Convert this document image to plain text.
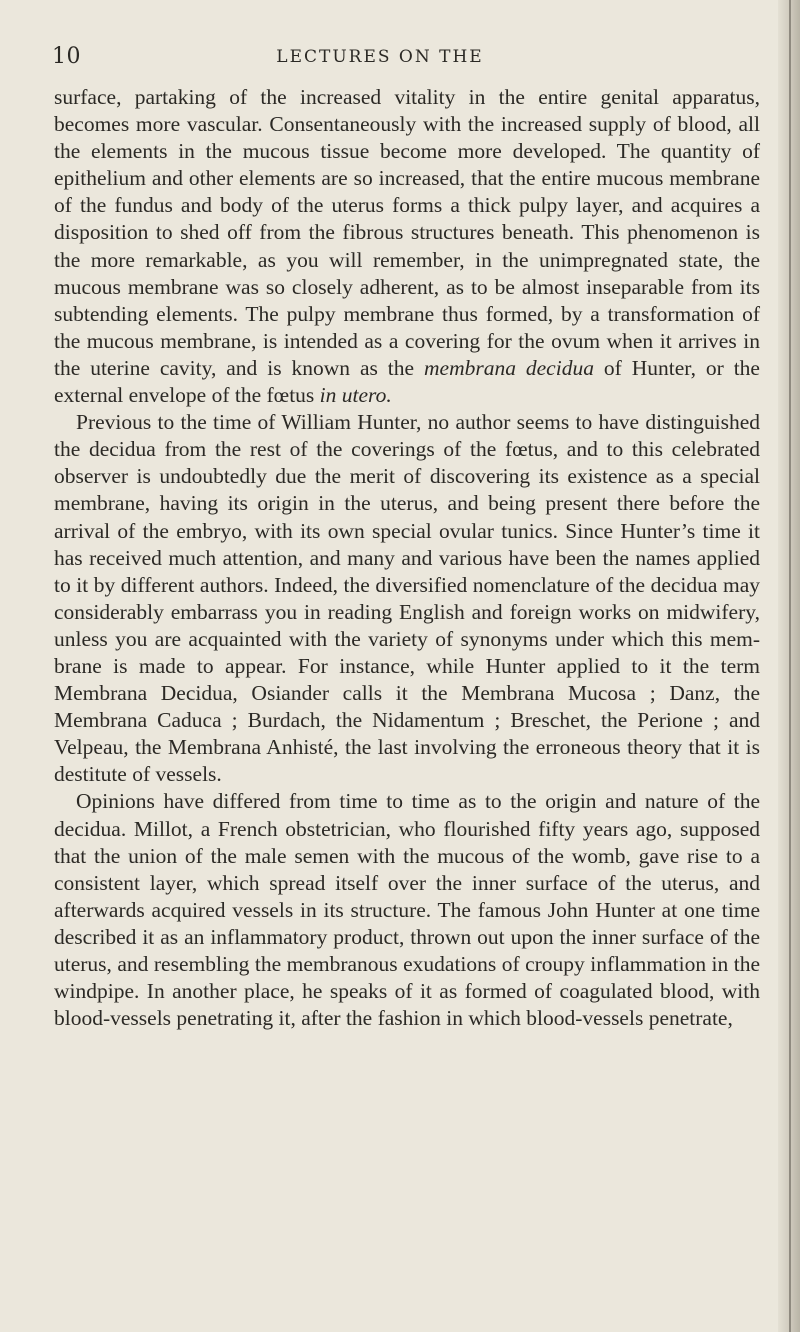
10	LECTURES ON THE

surface, partaking of the increased vitality in the entire genital apparatus, becomes more vascular. Consentaneously with the increased supply of blood, all the elements in the mucous tissue become more developed. The quantity of epithelium and other elements are so increased, that the entire mucous membrane of the fundus and body of the uterus forms a thick pulpy layer, and acquires a disposition to shed off from the fibrous structures beneath. This phenomenon is the more remarkable, as you will remember, in the unimpregnated state, the mucous membrane was so closely adherent, as to be almost inseparable from its subtending elements. The pulpy membrane thus formed, by a transformation of the mucous membrane, is intended as a covering for the ovum when it arrives in the uterine cavity, and is known as the membrana decidua of Hunter, or the external envelope of the fœtus in utero.

Previous to the time of William Hunter, no author seems to have distinguished the decidua from the rest of the coverings of the fœtus, and to this celebrated observer is undoubtedly due the merit of discovering its existence as a special membrane, having its origin in the uterus, and being present there before the arrival of the embryo, with its own special ovular tunics. Since Hunter’s time it has received much attention, and many and various have been the names applied to it by different authors. Indeed, the diversified nomenclature of the decidua may considerably embarrass you in reading English and foreign works on midwifery, unless you are acquainted with the variety of synonyms under which this mem- brane is made to appear. For instance, while Hunter applied to it the term Membrana Decidua, Osiander calls it the Membrana Mucosa ; Danz, the Membrana Caduca ; Burdach, the Nidamentum ; Breschet, the Perione ; and Velpeau, the Membrana Anhisté, the last involving the erroneous theory that it is destitute of vessels.

Opinions have differed from time to time as to the origin and nature of the decidua. Millot, a French obstetrician, who flourished fifty years ago, supposed that the union of the male semen with the mucous of the womb, gave rise to a consistent layer, which spread itself over the inner surface of the uterus, and afterwards acquired vessels in its structure. The famous John Hunter at one time described it as an inflammatory product, thrown out upon the inner surface of the uterus, and resembling the membranous exudations of croupy inflammation in the windpipe. In another place, he speaks of it as formed of coagulated blood, with blood-vessels penetrating it, after the fashion in which blood-vessels penetrate,
